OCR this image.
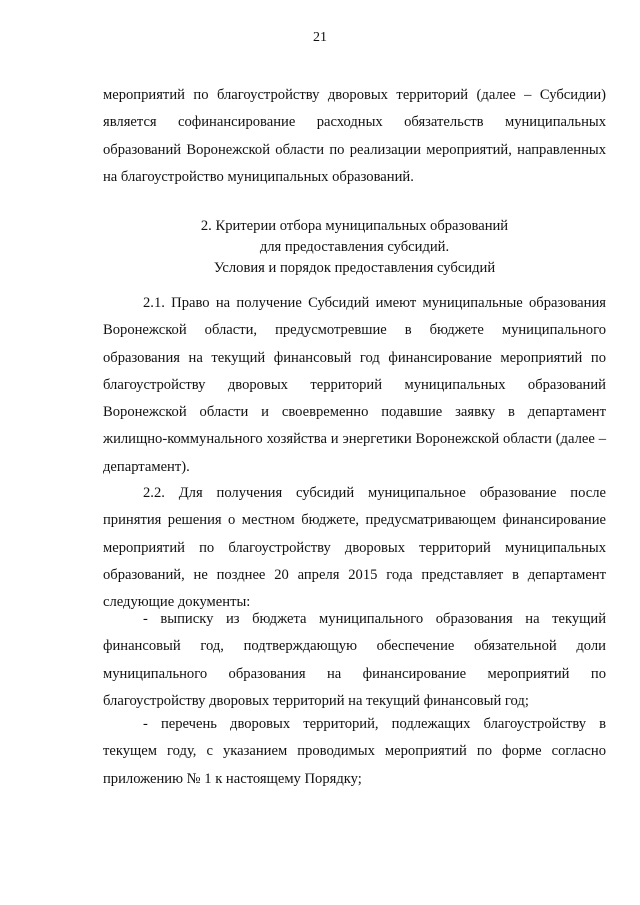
21

мероприятий по благоустройству дворовых территорий (далее – Субсидии) является софинансирование расходных обязательств муниципальных образований Воронежской области по реализации мероприятий, направленных на благоустройство муниципальных образований.

2. Критерии отбора муниципальных образований
для предоставления субсидий.
Условия и порядок предоставления субсидий

2.1. Право на получение Субсидий имеют муниципальные образования Воронежской области, предусмотревшие в бюджете муниципального образования на текущий финансовый год финансирование мероприятий по благоустройству дворовых территорий муниципальных образований Воронежской области и своевременно подавшие заявку в департамент жилищно-коммунального хозяйства и энергетики Воронежской области (далее – департамент).

2.2. Для получения субсидий муниципальное образование после принятия решения о местном бюджете, предусматривающем финансирование мероприятий по благоустройству дворовых территорий муниципальных образований, не позднее 20 апреля 2015 года представляет в департамент следующие документы:

- выписку из бюджета муниципального образования на текущий финансовый год, подтверждающую обеспечение обязательной доли муниципального образования на финансирование мероприятий по благоустройству дворовых территорий на текущий финансовый год;

- перечень дворовых территорий, подлежащих благоустройству в текущем году, с указанием проводимых мероприятий по форме согласно приложению № 1 к настоящему Порядку;
